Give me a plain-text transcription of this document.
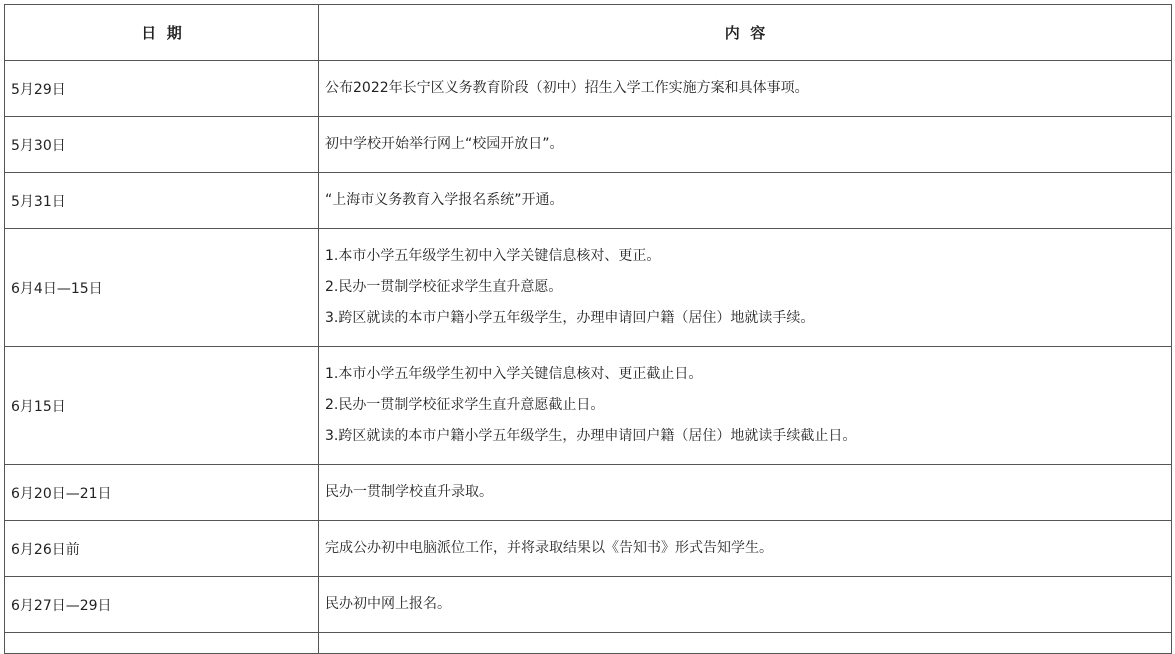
日  期	内  容
5月29日	公布2022年长宁区义务教育阶段（初中）招生入学工作实施方案和具体事项。

5月30日	初中学校开始举行网上“校园开放日”。

5月31日	“上海市义务教育入学报名系统”开通。

6月4日—15日	1.本市小学五年级学生初中入学关键信息核对、更正。
2.民办一贯制学校征求学生直升意愿。
3.跨区就读的本市户籍小学五年级学生，办理申请回户籍（居住）地就读手续。

6月15日	1.本市小学五年级学生初中入学关键信息核对、更正截止日。
2.民办一贯制学校征求学生直升意愿截止日。
3.跨区就读的本市户籍小学五年级学生，办理申请回户籍（居住）地就读手续截止日。

6月20日—21日	民办一贯制学校直升录取。

6月26日前	完成公办初中电脑派位工作，并将录取结果以《告知书》形式告知学生。

6月27日—29日	民办初中网上报名。
